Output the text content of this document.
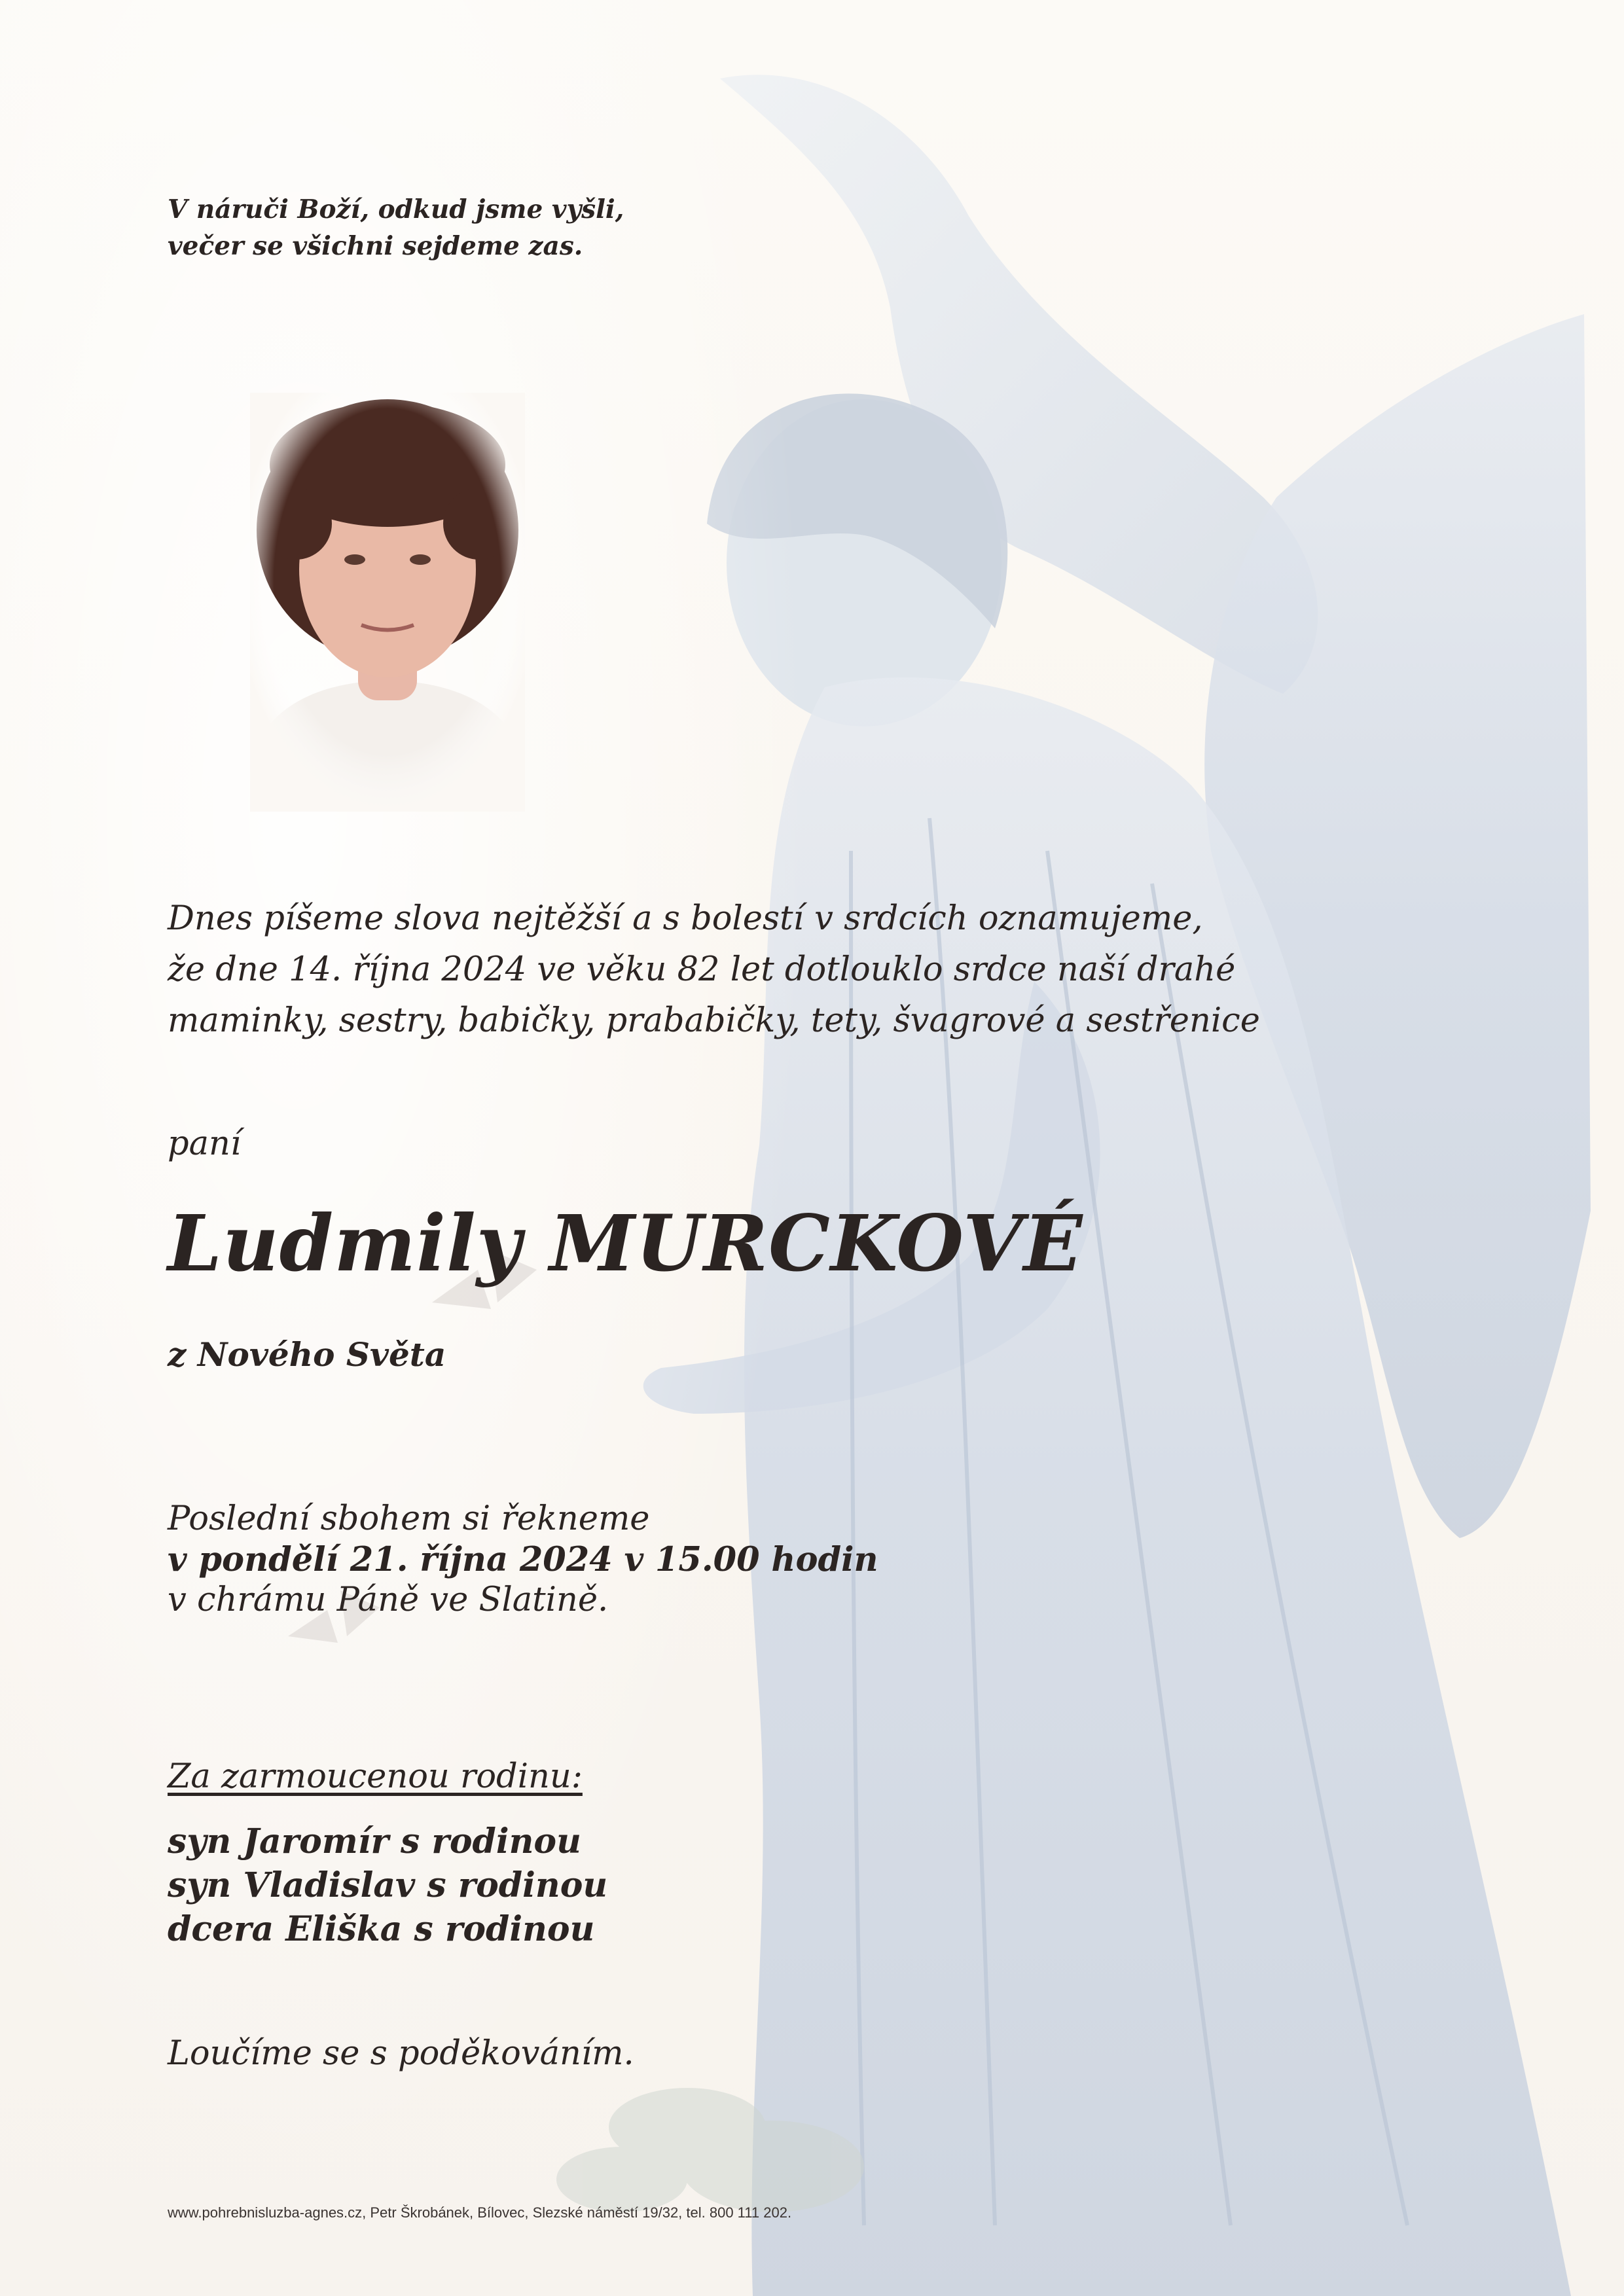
V náruči Boží, odkud jsme vyšli,
večer se všichni sejdeme zas.
Dnes píšeme slova nejtěžší a s bolestí v srdcích oznamujeme,
že dne 14. října 2024 ve věku 82 let dotlouklo srdce naší drahé
maminky, sestry, babičky, prababičky, tety, švagrové a sestřenice
paní
Ludmily MURCKOVÉ
z Nového Světa
Poslední sbohem si řekneme
v pondělí 21. října 2024 v 15.00 hodin
v chrámu Páně ve Slatině.
Za zarmoucenou rodinu:
syn Jaromír s rodinou
syn Vladislav s rodinou
dcera Eliška s rodinou
Loučíme se s poděkováním.
www.pohrebnisluzba-agnes.cz, Petr Škrobánek, Bílovec, Slezské náměstí 19/32, tel. 800 111 202.
